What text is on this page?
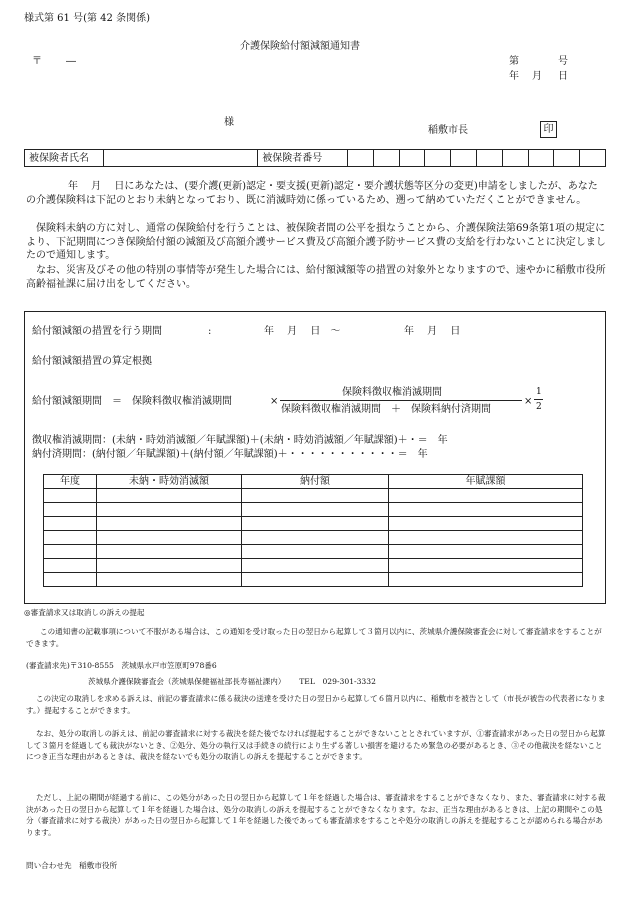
様式第 61 号(第 42 条関係)
介護保険給付額減額通知書
〒 ―	第	号
年 月 日
様
稲敷市長	印
被保険者氏名		被保険者番号										
年　 月　 日にあなたは、(要介護(更新)認定・要支援(更新)認定・要介護状態等区分の変更)申請をしましたが、あなたの介護保険料は下記のとおり未納となっており、既に消滅時効に係っているため、遡って納めていただくことができません。
保険料未納の方に対し、通常の保険給付を行うことは、被保険者間の公平を損なうことから、介護保険法第69条第1項の規定により、下記期間につき保険給付額の減額及び高額介護サービス費及び高額介護予防サービス費の支給を行わないことに決定しましたので通知します。
なお、災害及びその他の特別の事情等が発生した場合には、給付額減額等の措置の対象外となりますので、速やかに稲敷市役所　高齢福祉課に届け出をしてください。
給付額減額の措置を行う期間	:	年　 月　 日　～	年　 月　 日
給付額減額措置の算定根拠
給付額減額期間　＝　保険料徴収権消滅期間	×
保険料徴収権消滅期間
保険料徴収権消滅期間　＋　保険料納付済期間
×
1
2
徴収権消滅期間：(未納・時効消滅額／年賦課額)＋(未納・時効消滅額／年賦課額)＋・＝　年
納付済期間：(納付額／年賦課額)＋(納付額／年賦課額)＋・・・・・・・・・・・＝　年
年度	未納・時効消滅額	納付額	年賦課額

◎審査請求又は取消しの訴えの提起
この通知書の記載事項について不服がある場合は、この通知を受け取った日の翌日から起算して３箇月以内に、茨城県介護保険審査会に対して審査請求をすることができます。
(審査請求先)〒310-8555　茨城県水戸市笠原町978番6
茨城県介護保険審査会（茨城県保健福祉部長寿福祉課内）　　 TEL　029-301-3332
この決定の取消しを求める訴えは、前記の審査請求に係る裁決の送達を受けた日の翌日から起算して６箇月以内に、稲敷市を被告として（市長が被告の代表者になります。）提起することができます。
なお、処分の取消しの訴えは、前記の審査請求に対する裁決を経た後でなければ提起することができないこととされていますが、①審査請求があった日の翌日から起算して３箇月を経過しても裁決がないとき、②処分、処分の執行又は手続きの続行により生ずる著しい損害を避けるため緊急の必要があるとき、③その他裁決を経ないことにつき正当な理由があるときは、裁決を経ないでも処分の取消しの訴えを提起することができます。
ただし、上記の期間が経過する前に、この処分があった日の翌日から起算して１年を経過した場合は、審査請求をすることができなくなり、また、審査請求に対する裁決があった日の翌日から起算して１年を経過した場合は、処分の取消しの訴えを提起することができなくなります。なお、正当な理由があるときは、上記の期間やこの処分（審査請求に対する裁決）があった日の翌日から起算して１年を経過した後であっても審査請求をすることや処分の取消しの訴えを提起することが認められる場合があります。
問い合わせ先　稲敷市役所
